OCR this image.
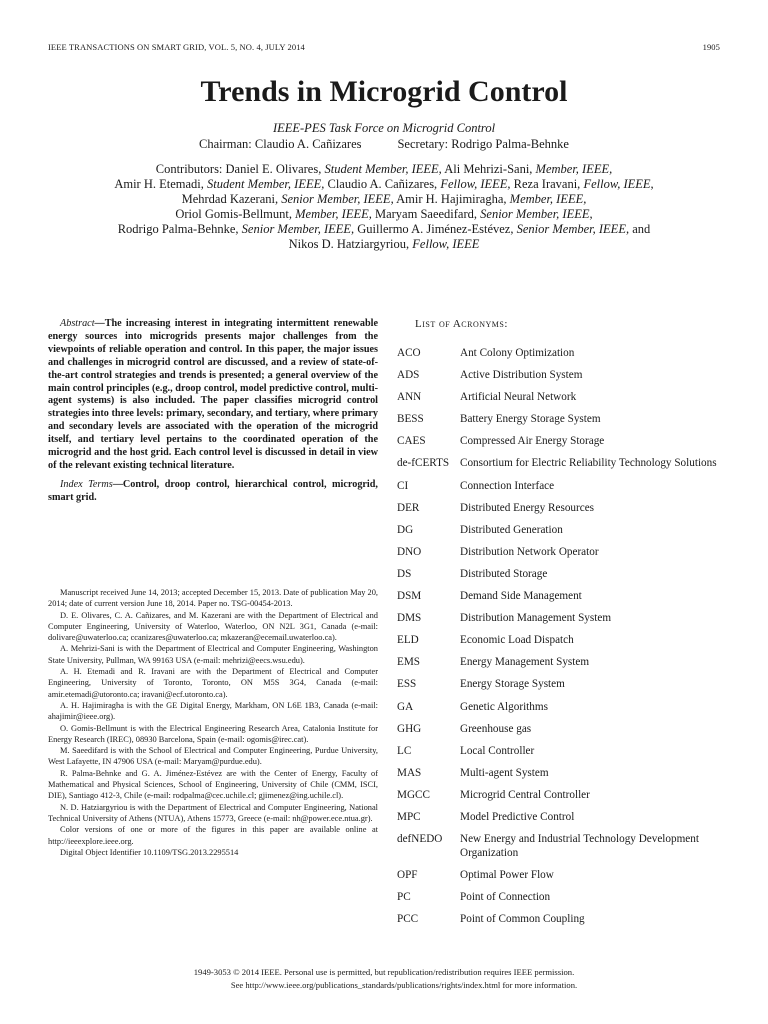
IEEE TRANSACTIONS ON SMART GRID, VOL. 5, NO. 4, JULY 2014	1905
Trends in Microgrid Control
IEEE-PES Task Force on Microgrid Control
Chairman: Claudio A. Cañizares	Secretary: Rodrigo Palma-Behnke
Contributors: Daniel E. Olivares, Student Member, IEEE, Ali Mehrizi-Sani, Member, IEEE,
Amir H. Etemadi, Student Member, IEEE, Claudio A. Cañizares, Fellow, IEEE, Reza Iravani, Fellow, IEEE,
Mehrdad Kazerani, Senior Member, IEEE, Amir H. Hajimiragha, Member, IEEE,
Oriol Gomis-Bellmunt, Member, IEEE, Maryam Saeedifard, Senior Member, IEEE,
Rodrigo Palma-Behnke, Senior Member, IEEE, Guillermo A. Jiménez-Estévez, Senior Member, IEEE, and
Nikos D. Hatziargyriou, Fellow, IEEE

Abstract—The increasing interest in integrating intermittent renewable energy sources into microgrids presents major challenges from the viewpoints of reliable operation and control. In this paper, the major issues and challenges in microgrid control are discussed, and a review of state-of-the-art control strategies and trends is presented; a general overview of the main control principles (e.g., droop control, model predictive control, multi-agent systems) is also included. The paper classifies microgrid control strategies into three levels: primary, secondary, and tertiary, where primary and secondary levels are associated with the operation of the microgrid itself, and tertiary level pertains to the coordinated operation of the microgrid and the host grid. Each control level is discussed in detail in view of the relevant existing technical literature.

Index Terms—Control, droop control, hierarchical control, microgrid, smart grid.

Manuscript received June 14, 2013; accepted December 15, 2013. Date of publication May 20, 2014; date of current version June 18, 2014. Paper no. TSG-00454-2013.

D. E. Olivares, C. A. Cañizares, and M. Kazerani are with the Department of Electrical and Computer Engineering, University of Waterloo, Waterloo, ON N2L 3G1, Canada (e-mail: dolivare@uwaterloo.ca; ccanizares@uwaterloo.ca; mkazeran@ecemail.uwaterloo.ca).

A. Mehrizi-Sani is with the Department of Electrical and Computer Engineering, Washington State University, Pullman, WA 99163 USA (e-mail: mehrizi@eecs.wsu.edu).

A. H. Etemadi and R. Iravani are with the Department of Electrical and Computer Engineering, University of Toronto, Toronto, ON M5S 3G4, Canada (e-mail: amir.etemadi@utoronto.ca; iravani@ecf.utoronto.ca).

A. H. Hajimiragha is with the GE Digital Energy, Markham, ON L6E 1B3, Canada (e-mail: ahajimir@ieee.org).

O. Gomis-Bellmunt is with the Electrical Engineering Research Area, Catalonia Institute for Energy Research (IREC), 08930 Barcelona, Spain (e-mail: ogomis@irec.cat).

M. Saeedifard is with the School of Electrical and Computer Engineering, Purdue University, West Lafayette, IN 47906 USA (e-mail: Maryam@purdue.edu).

R. Palma-Behnke and G. A. Jiménez-Estévez are with the Center of Energy, Faculty of Mathematical and Physical Sciences, School of Engineering, University of Chile (CMM, ISCI, DIE), Santiago 412-3, Chile (e-mail: rodpalma@cec.uchile.cl; gjimenez@ing.uchile.cl).

N. D. Hatziargyriou is with the Department of Electrical and Computer Engineering, National Technical University of Athens (NTUA), Athens 15773, Greece (e-mail: nh@power.ece.ntua.gr).

Color versions of one or more of the figures in this paper are available online at http://ieeexplore.ieee.org.

Digital Object Identifier 10.1109/TSG.2013.2295514

List of Acronyms:
ACO	Ant Colony Optimization
ADS	Active Distribution System
ANN	Artificial Neural Network
BESS	Battery Energy Storage System
CAES	Compressed Air Energy Storage
de-fCERTS Consortium for Electric Reliability Technology Solutions
CI	Connection Interface
DER	Distributed Energy Resources
DG	Distributed Generation
DNO	Distribution Network Operator
DS	Distributed Storage
DSM	Demand Side Management
DMS	Distribution Management System
ELD	Economic Load Dispatch
EMS	Energy Management System
ESS	Energy Storage System
GA	Genetic Algorithms
GHG	Greenhouse gas
LC	Local Controller
MAS	Multi-agent System
MGCC	Microgrid Central Controller
MPC	Model Predictive Control
defNEDO	New Energy and Industrial Technology Development Organization
OPF	Optimal Power Flow
PC	Point of Connection
PCC	Point of Common Coupling
1949-3053 © 2014 IEEE. Personal use is permitted, but republication/redistribution requires IEEE permission.
See http://www.ieee.org/publications_standards/publications/rights/index.html for more information.
